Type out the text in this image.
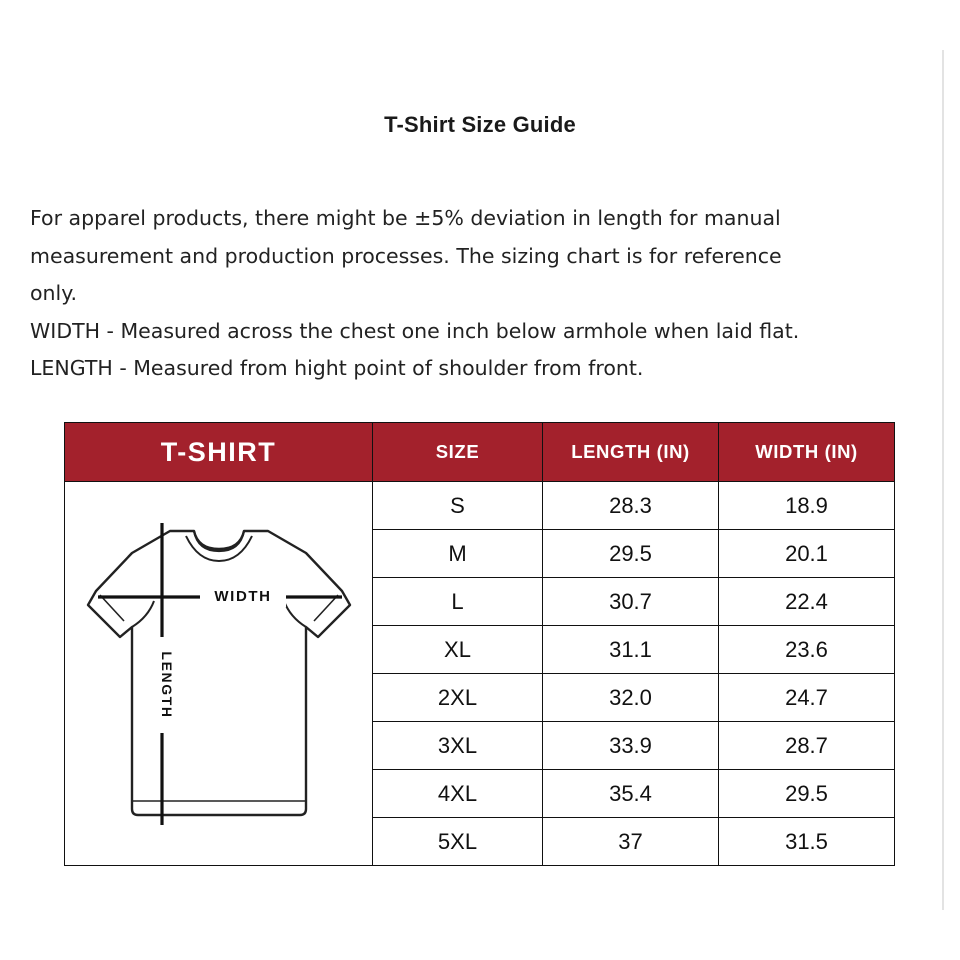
T-Shirt Size Guide

For apparel products, there might be ±5% deviation in length for manual

measurement and production processes. The sizing chart is for reference

only.

WIDTH - Measured across the chest one inch below armhole when laid flat.

LENGTH - Measured from hight point of shoulder from front.

T-SHIRT	SIZE	LENGTH (IN)	WIDTH (IN)

WIDTH
LENGTH	S	28.3	18.9
	M	29.5	20.1
	L	30.7	22.4
	XL	31.1	23.6
	2XL	32.0	24.7
	3XL	33.9	28.7
	4XL	35.4	29.5
	5XL	37	31.5
